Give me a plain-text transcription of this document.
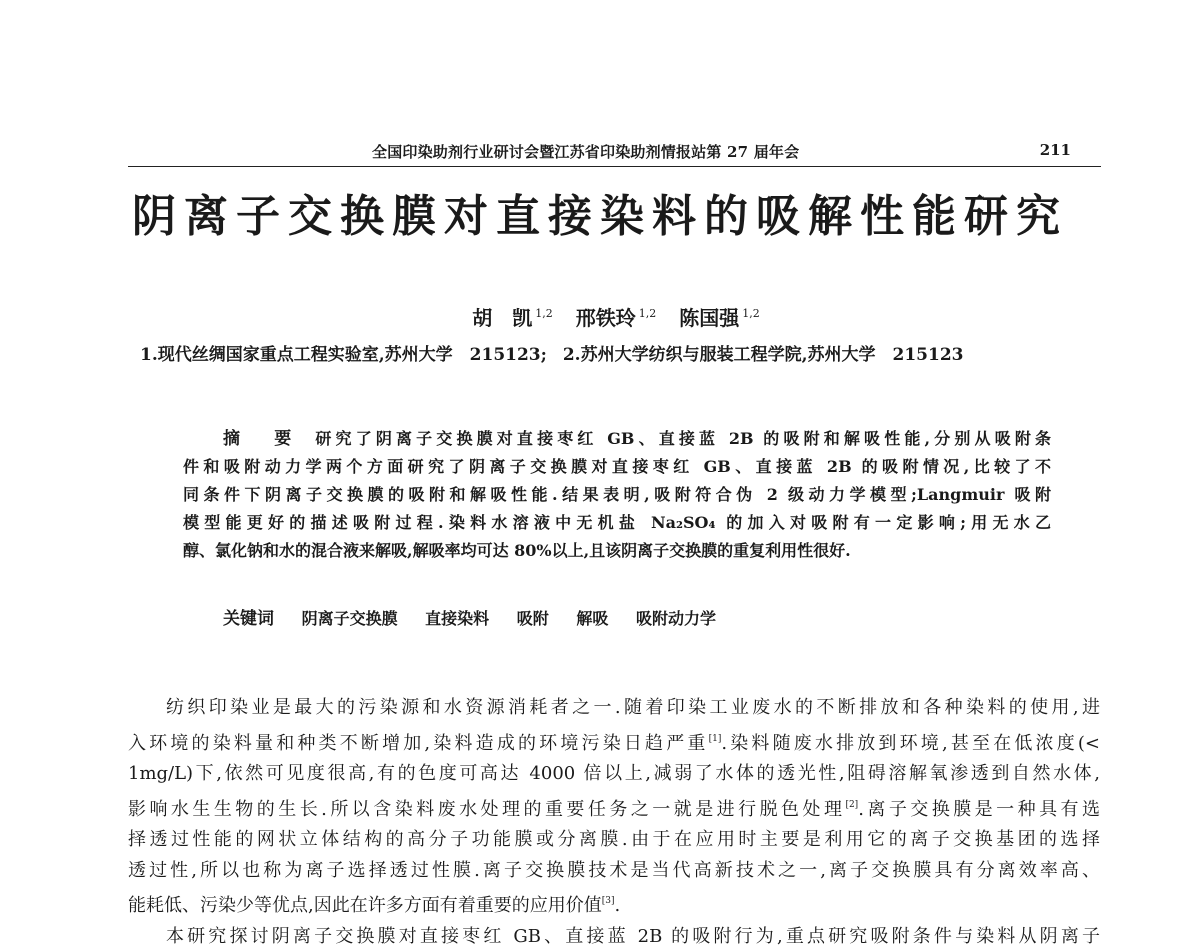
全国印染助剂行业研讨会暨江苏省印染助剂情报站第 27 届年会	211
阴离子交换膜对直接染料的吸解性能研究
胡　凯 $^{1,2}$ 邢铁玲 $^{1,2}$ 陈国强 $^{1,2}$
1.现代丝绸国家重点工程实验室,苏州大学　215123; 2.苏州大学纺织与服装工程学院,苏州大学　215123
摘 要 研究了阴离子交换膜对直接枣红 GB、直接蓝 2B 的吸附和解吸性能,分别从吸附条
件和吸附动力学两个方面研究了阴离子交换膜对直接枣红 GB、直接蓝 2B 的吸附情况,比较了不
同条件下阴离子交换膜的吸附和解吸性能.结果表明,吸附符合伪 2 级动力学模型;Langmuir 吸附
模型能更好的描述吸附过程.染料水溶液中无机盐 Na₂SO₄ 的加入对吸附有一定影响;用无水乙
醇、氯化钠和水的混合液来解吸,解吸率均可达 80%以上,且该阴离子交换膜的重复利用性很好.
关键词 阴离子交换膜 直接染料 吸附 解吸 吸附动力学
纺织印染业是最大的污染源和水资源消耗者之一.随着印染工业废水的不断排放和各种染料的使用,进
入环境的染料量和种类不断增加,染料造成的环境污染日趋严重[1].染料随废水排放到环境,甚至在低浓度(<
1mg/L)下,依然可见度很高,有的色度可高达 4000 倍以上,减弱了水体的透光性,阻碍溶解氧渗透到自然水体,
影响水生生物的生长.所以含染料废水处理的重要任务之一就是进行脱色处理[2].离子交换膜是一种具有选
择透过性能的网状立体结构的高分子功能膜或分离膜.由于在应用时主要是利用它的离子交换基团的选择
透过性,所以也称为离子选择透过性膜.离子交换膜技术是当代高新技术之一,离子交换膜具有分离效率高、
能耗低、污染少等优点,因此在许多方面有着重要的应用价值[3].
本研究探讨阴离子交换膜对直接枣红 GB、直接蓝 2B 的吸附行为,重点研究吸附条件与染料从阴离子
